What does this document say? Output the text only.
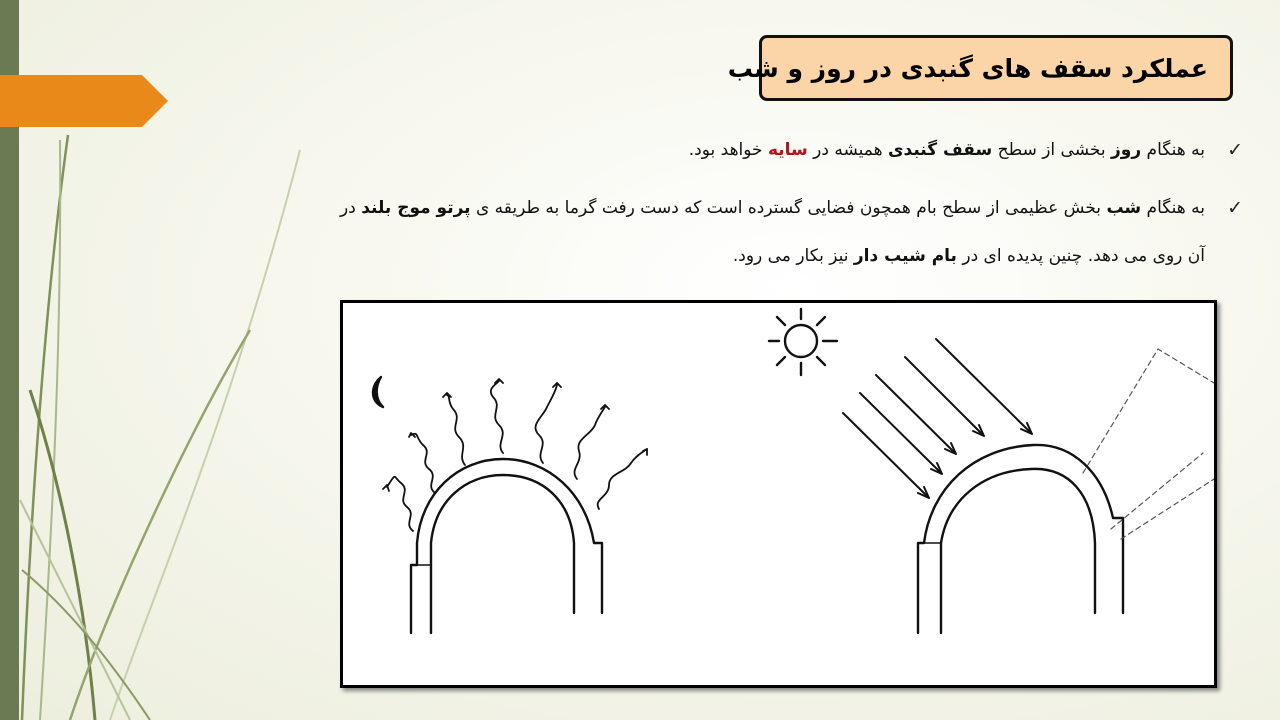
عملکرد سقف های گنبدی در روز و شب
✓
به هنگام روز بخشی از سطح سقف گنبدی همیشه در سایه خواهد بود.
✓
به هنگام شب بخش عظیمی از سطح بام همچون فضایی گسترده است که دست رفت گرما به طریقه ی پرتو موج بلند در آن روی می دهد. چنین پدیده ای در بام شیب دار نیز بکار می رود.
